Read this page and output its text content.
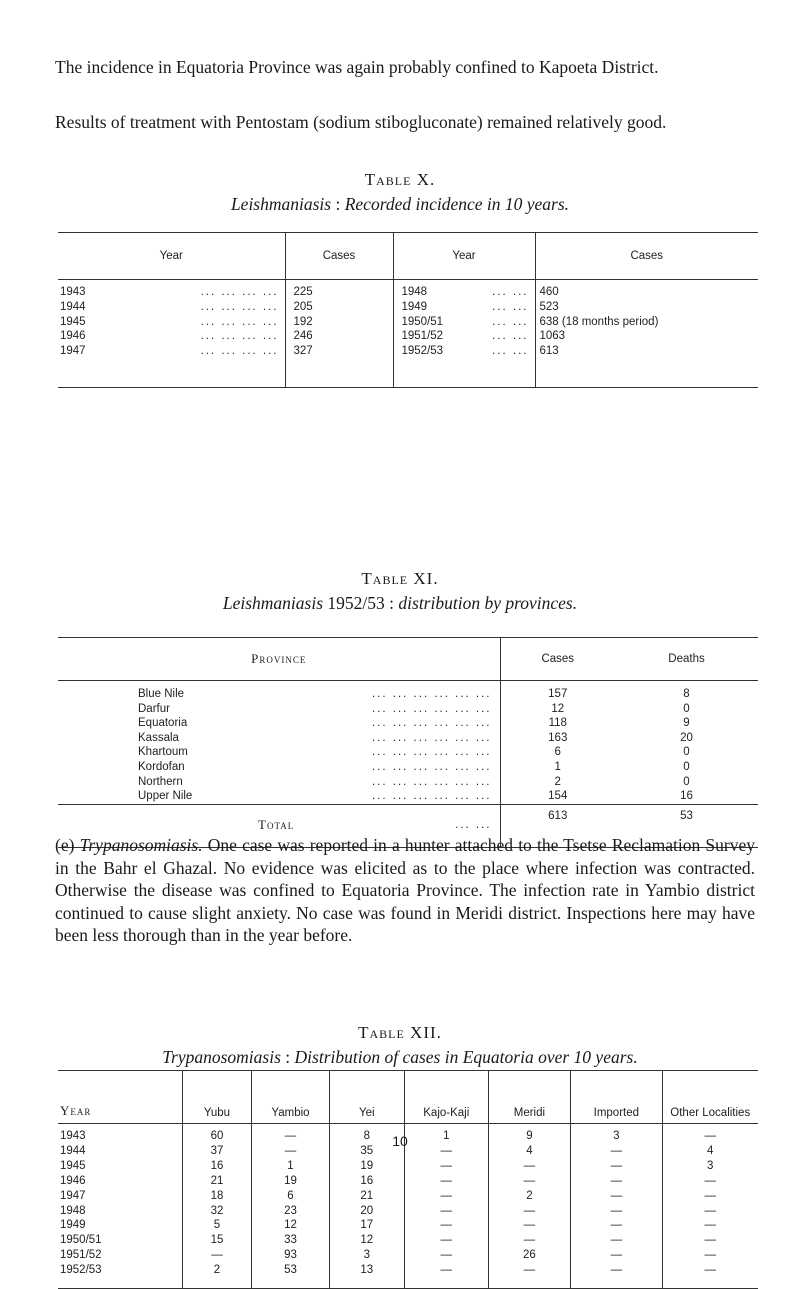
The incidence in Equatoria Province was again probably confined to Kapoeta District.

Results of treatment with Pentostam (sodium stibogluconate) remained relatively good.

Table X.
Leishmaniasis : Recorded incidence in 10 years.
Year	Cases	Year	Cases
1943 ... ... ... ...	225	1948 ... ...	460
1944 ... ... ... ...	205	1949 ... ...	523
1945 ... ... ... ...	192	1950/51 ... ...	638 (18 months period)
1946 ... ... ... ...	246	1951/52 ... ...	1063
1947 ... ... ... ...	327	1952/53 ... ...	613
Table XI.
Leishmaniasis 1952/53 : distribution by provinces.
Province	Cases	Deaths
Blue Nile ... ... ... ... ... ...	157	8
Darfur ... ... ... ... ... ...	12	0
Equatoria ... ... ... ... ... ...	118	9
Kassala ... ... ... ... ... ...	163	20
Khartoum ... ... ... ... ... ...	6	0
Kordofan ... ... ... ... ... ...	1	0
Northern ... ... ... ... ... ...	2	0
Upper Nile ... ... ... ... ... ...	154	16
Total ... ...	613	53

(e) Trypanosomiasis. One case was reported in a hunter attached to the Tsetse Reclamation Survey in the Bahr el Ghazal. No evidence was elicited as to the place where infection was contracted. Otherwise the disease was confined to Equatoria Province. The infection rate in Yambio district continued to cause slight anxiety. No case was found in Meridi district. Inspections here may have been less thorough than in the year before.

Table XII.
Trypanosomiasis : Distribution of cases in Equatoria over 10 years.
Year	Yubu	Yambio	Yei	Kajo-Kaji	Meridi	Imported	Other Localities
1943	60	—	8	1	9	3	—
1944	37	—	35	—	4	—	4
1945	16	1	19	—	—	—	3
1946	21	19	16	—	—	—	—
1947	18	6	21	—	2	—	—
1948	32	23	20	—	—	—	—
1949	5	12	17	—	—	—	—
1950/51	15	33	12	—	—	—	—
1951/52	—	93	3	—	26	—	—
1952/53	2	53	13	—	—	—	—
10
